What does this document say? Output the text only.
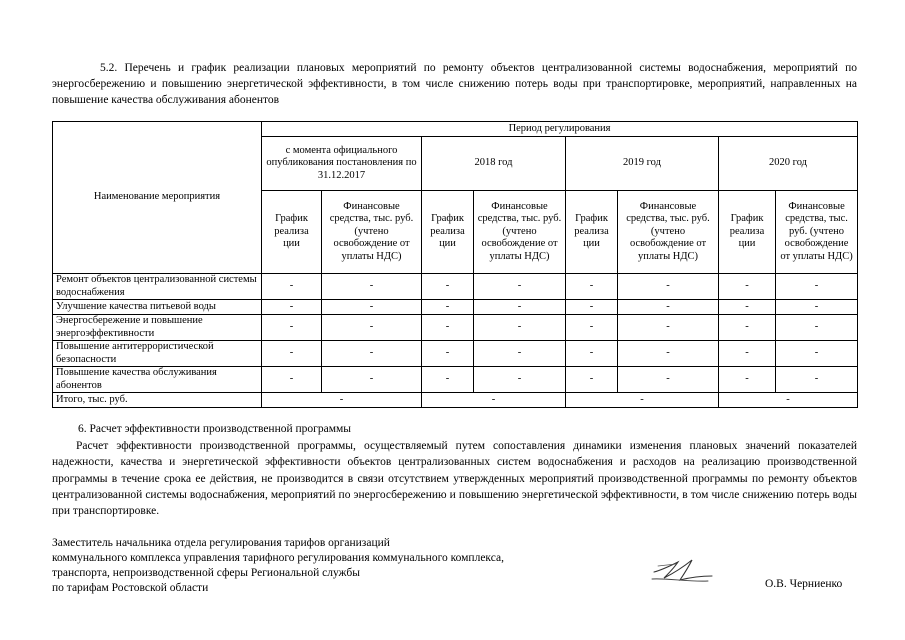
5.2. Перечень и график реализации плановых мероприятий по ремонту объектов централизованной системы водоснабжения, мероприятий по энергосбережению и повышению энергетической эффективности, в том числе снижению потерь воды при транспортировке, мероприятий, направленных на повышение качества обслуживания абонентов

Наименование мероприятия	Период регулирования							
	с момента официального опубликования постановления по 31.12.2017		2018 год		2019 год		2020 год	
	График реализа ции	Финансовые средства, тыс. руб. (учтено освобождение от уплаты НДС)	График реализа ции	Финансовые средства, тыс. руб. (учтено освобождение от уплаты НДС)	График реализа ции	Финансовые средства, тыс. руб. (учтено освобождение от уплаты НДС)	График реализа ции	Финансовые средства, тыс. руб. (учтено освобождение от уплаты НДС)
Ремонт объектов централизованной системы водоснабжения	-	-	-	-	-	-	-	-
Улучшение качества питьевой воды	-	-	-	-	-	-	-	-
Энергосбережение и повышение энергоэффективности	-	-	-	-	-	-	-	-
Повышение антитеррористической безопасности	-	-	-	-	-	-	-	-
Повышение качества обслуживания абонентов	-	-	-	-	-	-	-	-
Итого, тыс. руб.	-		-		-		-	

6. Расчет эффективности производственной программы

Расчет эффективности производственной программы, осуществляемый путем сопоставления динамики изменения плановых значений показателей надежности, качества и энергетической эффективности объектов централизованных систем водоснабжения и расходов на реализацию производственной программы в течение срока ее действия, не производится в связи отсутствием утвержденных мероприятий производственной программы по ремонту объектов централизованной системы водоснабжения, мероприятий по энергосбережению и повышению энергетической эффективности, в том числе снижению потерь воды при транспортировке.

Заместитель начальника отдела регулирования тарифов организаций
коммунального комплекса управления тарифного регулирования коммунального комплекса,
транспорта, непроизводственной сферы Региональной службы
по тарифам Ростовской области	О.В. Черниенко
